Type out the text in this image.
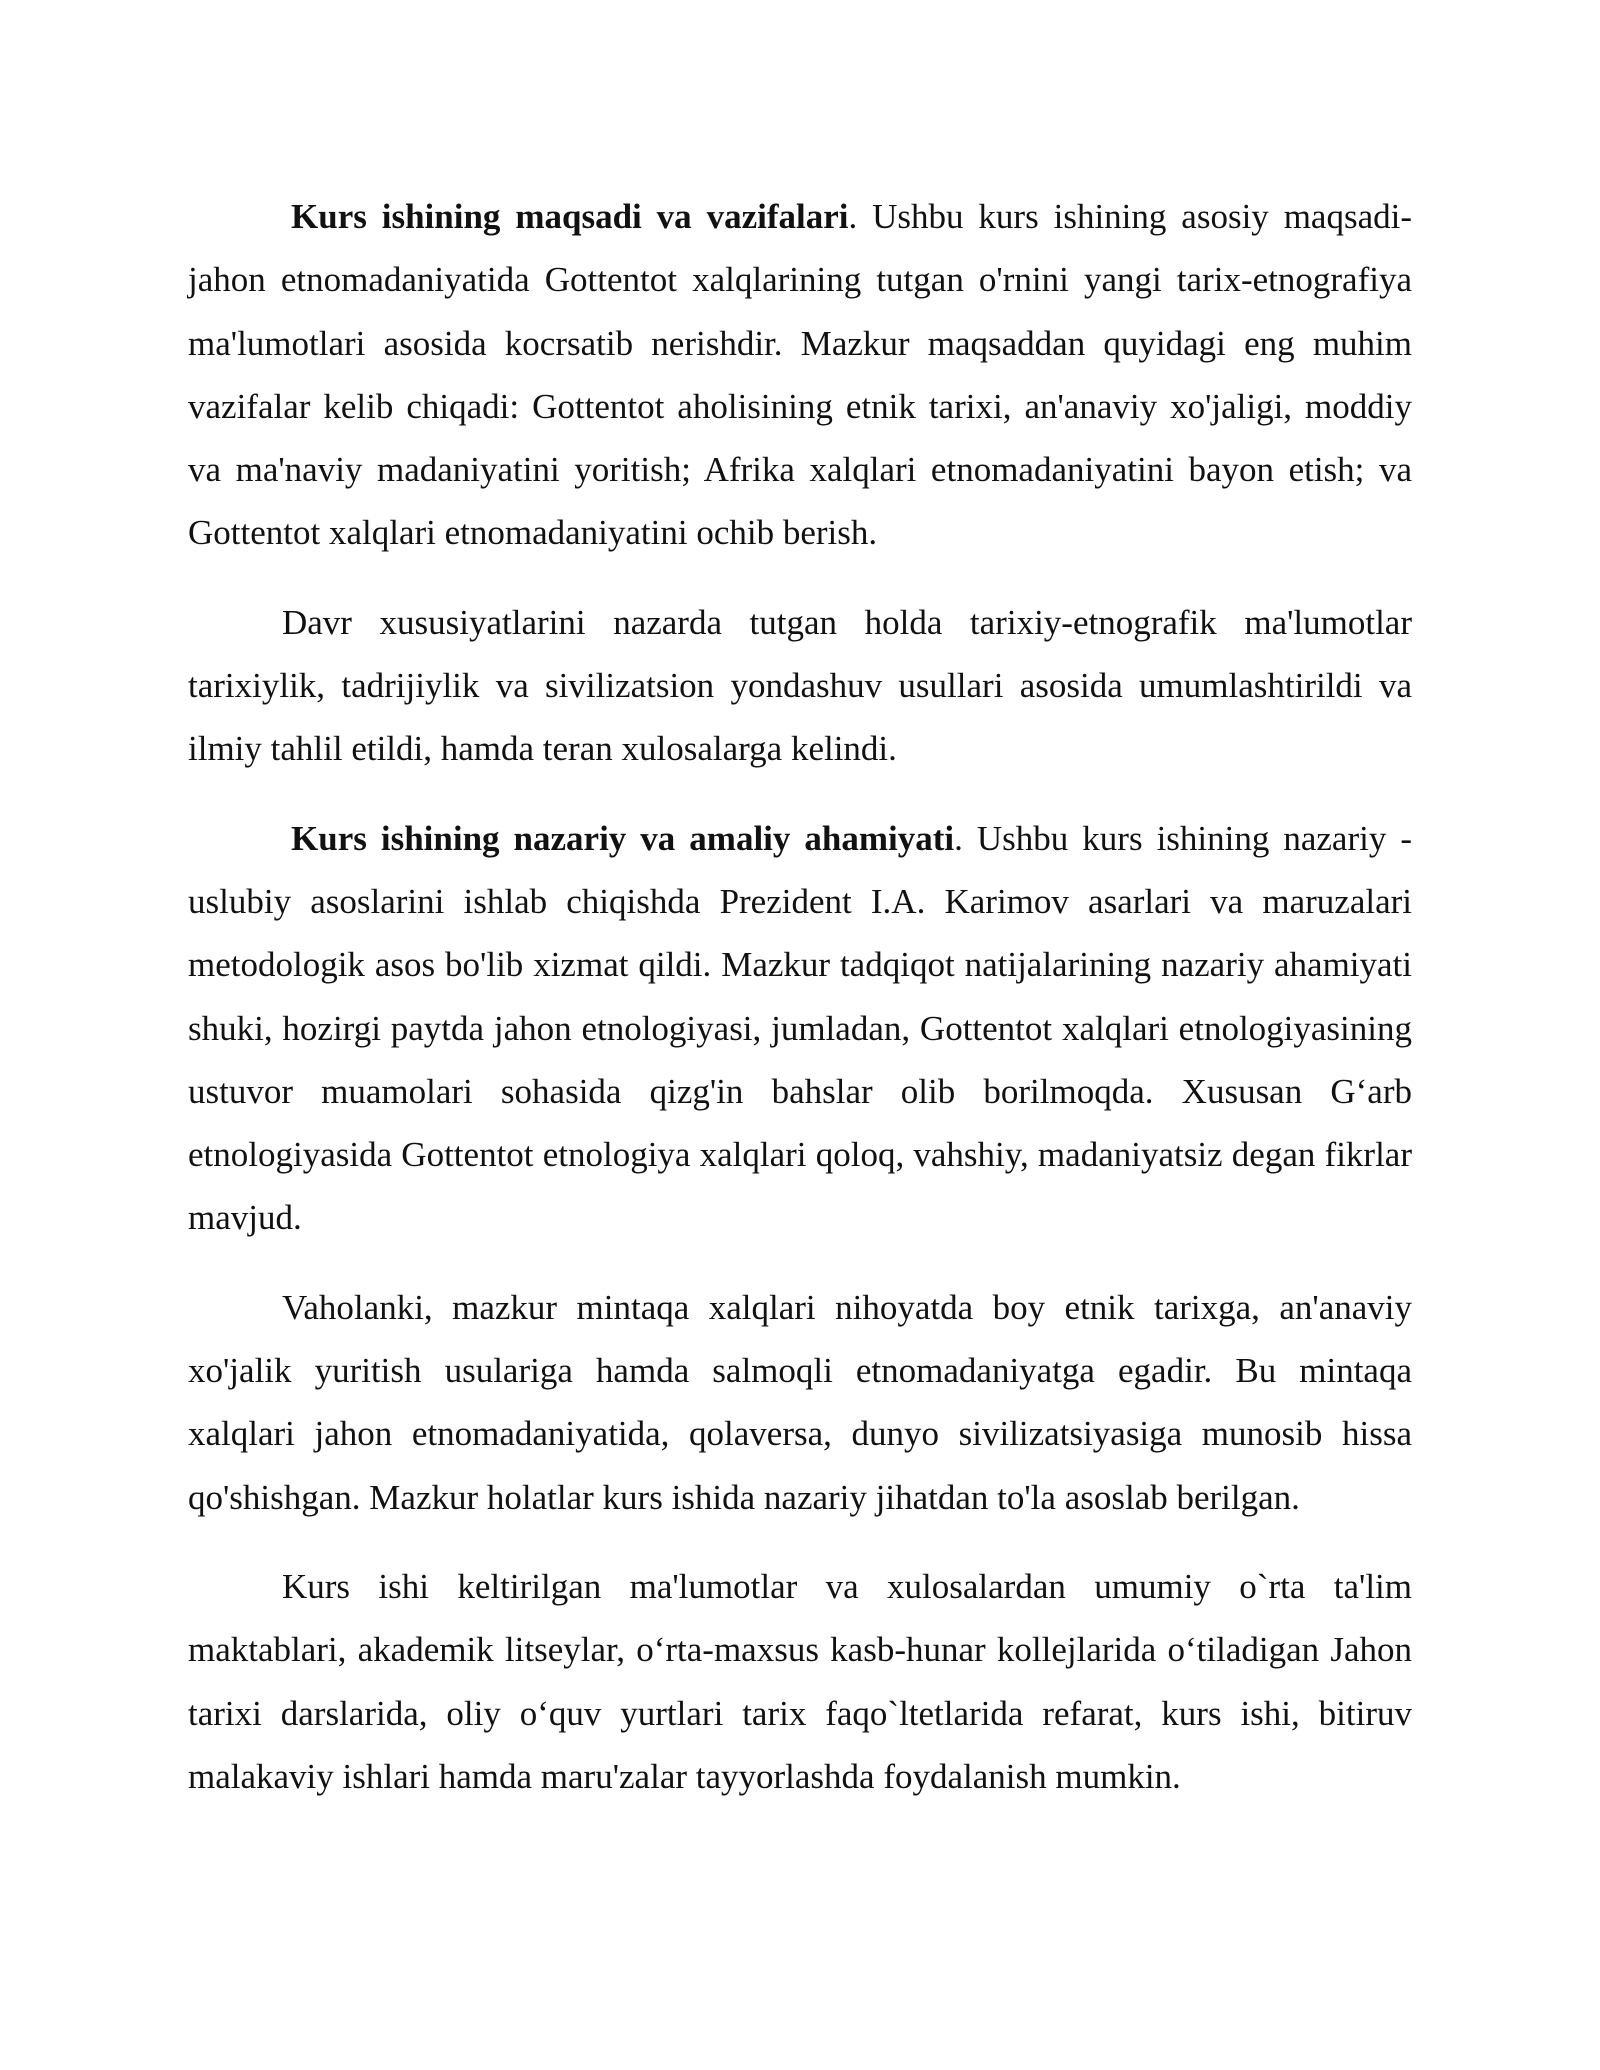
Kurs ishining maqsadi va vazifalari. Ushbu kurs ishining asosiy maqsadi- jahon etnomadaniyatida Gottentot xalqlarining tutgan o'rnini yangi tarix-etnografiya ma'lumotlari asosida kocrsatib nerishdir. Mazkur maqsaddan quyidagi eng muhim vazifalar kelib chiqadi: Gottentot aholisining etnik tarixi, an'anaviy xo'jaligi, moddiy va ma'naviy madaniyatini yoritish; Afrika xalqlari etnomadaniyatini bayon etish; va Gottentot xalqlari etnomadaniyatini ochib berish.

Davr xususiyatlarini nazarda tutgan holda tarixiy-etnografik ma'lumotlar tarixiylik, tadrijiylik va sivilizatsion yondashuv usullari asosida umumlashtirildi va ilmiy tahlil etildi, hamda teran xulosalarga kelindi.

Kurs ishining nazariy va amaliy ahamiyati. Ushbu kurs ishining nazariy - uslubiy asoslarini ishlab chiqishda Prezident I.A. Karimov asarlari va maruzalari metodologik asos bo'lib xizmat qildi. Mazkur tadqiqot natijalarining nazariy ahamiyati shuki, hozirgi paytda jahon etnologiyasi, jumladan, Gottentot xalqlari etnologiyasining ustuvor muamolari sohasida qizg'in bahslar olib borilmoqda. Xususan G‘arb etnologiyasida Gottentot etnologiya xalqlari qoloq, vahshiy, madaniyatsiz degan fikrlar mavjud.

Vaholanki, mazkur mintaqa xalqlari nihoyatda boy etnik tarixga, an'anaviy xo'jalik yuritish usulariga hamda salmoqli etnomadaniyatga egadir. Bu mintaqa xalqlari jahon etnomadaniyatida, qolaversa, dunyo sivilizatsiyasiga munosib hissa qo'shishgan. Mazkur holatlar kurs ishida nazariy jihatdan to'la asoslab berilgan.

Kurs ishi keltirilgan ma'lumotlar va xulosalardan umumiy o`rta ta'lim maktablari, akademik litseylar, o‘rta-maxsus kasb-hunar kollejlarida o‘tiladigan Jahon tarixi darslarida, oliy o‘quv yurtlari tarix faqo`ltetlarida refarat, kurs ishi, bitiruv malakaviy ishlari hamda maru'zalar tayyorlashda foydalanish mumkin.
